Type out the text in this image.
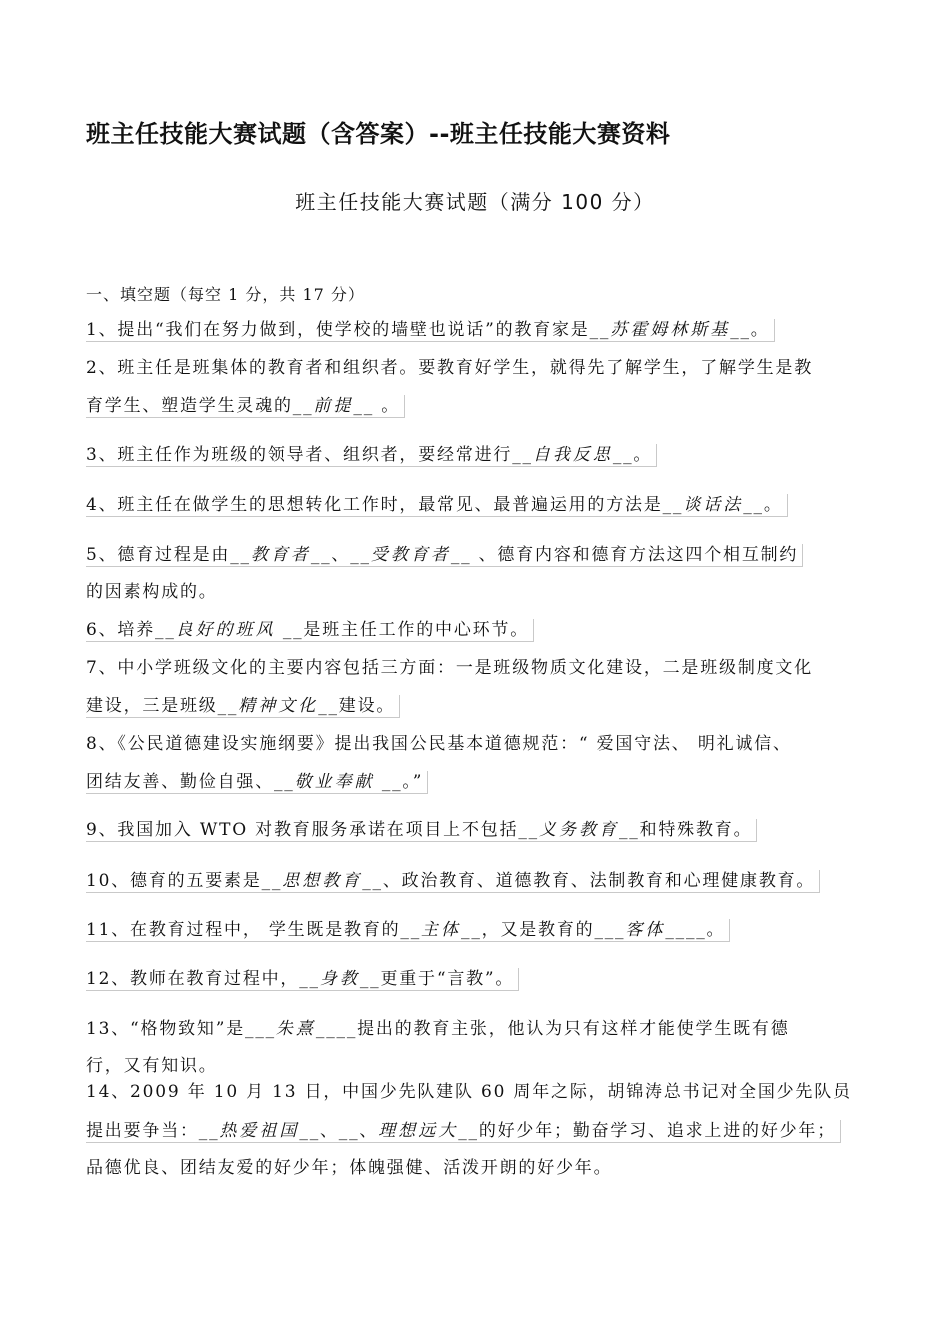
班主任技能大赛试题（含答案）--班主任技能大赛资料
班主任技能大赛试题（满分 100 分）
一、填空题（每空 1 分，共 17 分）
1、提出“我们在努力做到，使学校的墙壁也说话”的教育家是__苏霍姆林斯基__。
2、班主任是班集体的教育者和组织者。要教育好学生，就得先了解学生，了解学生是教
育学生、塑造学生灵魂的__前提__ 。
3、班主任作为班级的领导者、组织者，要经常进行__自我反思__。
4、班主任在做学生的思想转化工作时，最常见、最普遍运用的方法是__谈话法__。
5、德育过程是由__教育者__、__受教育者__ 、德育内容和德育方法这四个相互制约
的因素构成的。
6、培养__良好的班风 __是班主任工作的中心环节。
7、中小学班级文化的主要内容包括三方面：一是班级物质文化建设，二是班级制度文化
建设，三是班级__精神文化__建设。
8、《公民道德建设实施纲要》提出我国公民基本道德规范：“ 爱国守法、 明礼诚信、
团结友善、勤俭自强、__敬业奉献 __。”
9、我国加入 WTO 对教育服务承诺在项目上不包括__义务教育__和特殊教育。
10、德育的五要素是__思想教育__、政治教育、道德教育、法制教育和心理健康教育。
11、在教育过程中， 学生既是教育的__主体__，又是教育的___客体____。
12、教师在教育过程中，__身教__更重于“言教”。
13、“格物致知”是___朱熹____提出的教育主张，他认为只有这样才能使学生既有德
行，又有知识。
14、2009 年 10 月 13 日，中国少先队建队 60 周年之际，胡锦涛总书记对全国少先队员
提出要争当：__热爱祖国__、__、理想远大__的好少年；勤奋学习、追求上进的好少年；
品德优良、团结友爱的好少年；体魄强健、活泼开朗的好少年。
